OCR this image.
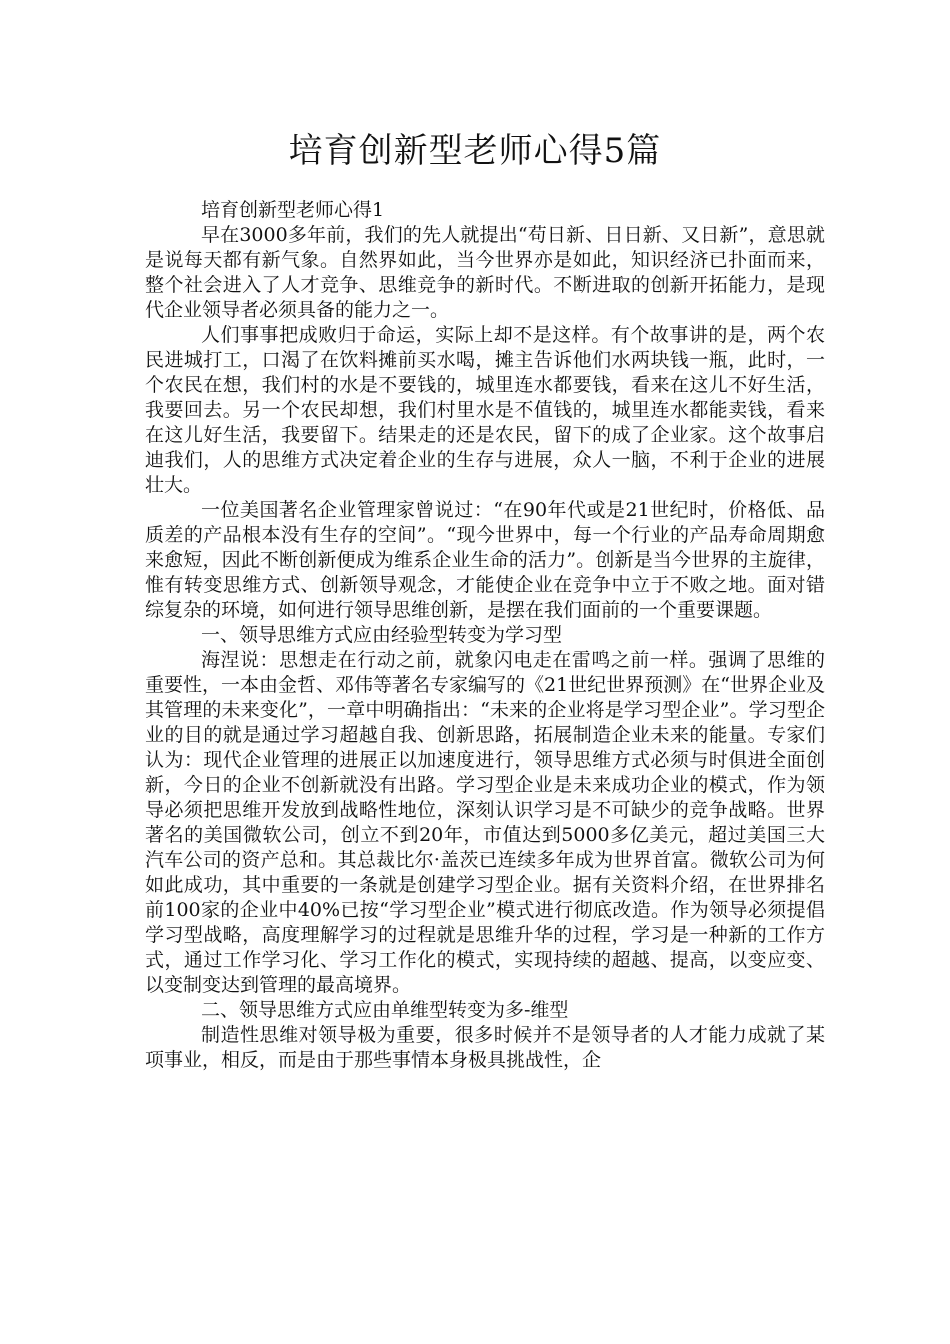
培育创新型老师心得5篇

培育创新型老师心得1

早在3000多年前，我们的先人就提出“苟日新、日日新、又日新”，意思就是说每天都有新气象。自然界如此，当今世界亦是如此，知识经济已扑面而来，整个社会进入了人才竞争、思维竞争的新时代。不断进取的创新开拓能力，是现代企业领导者必须具备的能力之一。

人们事事把成败归于命运，实际上却不是这样。有个故事讲的是，两个农民进城打工，口渴了在饮料摊前买水喝，摊主告诉他们水两块钱一瓶，此时，一个农民在想，我们村的水是不要钱的，城里连水都要钱，看来在这儿不好生活，我要回去。另一个农民却想，我们村里水是不值钱的，城里连水都能卖钱，看来在这儿好生活，我要留下。结果走的还是农民，留下的成了企业家。这个故事启迪我们，人的思维方式决定着企业的生存与进展，众人一脑，不利于企业的进展壮大。

一位美国著名企业管理家曾说过：“在90年代或是21世纪时，价格低、品质差的产品根本没有生存的空间”。“现今世界中，每一个行业的产品寿命周期愈来愈短，因此不断创新便成为维系企业生命的活力”。创新是当今世界的主旋律，惟有转变思维方式、创新领导观念，才能使企业在竞争中立于不败之地。面对错综复杂的环境，如何进行领导思维创新，是摆在我们面前的一个重要课题。

一、领导思维方式应由经验型转变为学习型

海涅说：思想走在行动之前，就象闪电走在雷鸣之前一样。强调了思维的重要性，一本由金哲、邓伟等著名专家编写的《21世纪世界预测》在“世界企业及其管理的未来变化”，一章中明确指出：“未来的企业将是学习型企业”。学习型企业的目的就是通过学习超越自我、创新思路，拓展制造企业未来的能量。专家们认为：现代企业管理的进展正以加速度进行，领导思维方式必须与时俱进全面创新，今日的企业不创新就没有出路。学习型企业是未来成功企业的模式，作为领导必须把思维开发放到战略性地位，深刻认识学习是不可缺少的竞争战略。世界著名的美国微软公司，创立不到20年，市值达到5000多亿美元，超过美国三大汽车公司的资产总和。其总裁比尔·盖茨已连续多年成为世界首富。微软公司为何如此成功，其中重要的一条就是创建学习型企业。据有关资料介绍，在世界排名前100家的企业中40%已按“学习型企业”模式进行彻底改造。作为领导必须提倡学习型战略，高度理解学习的过程就是思维升华的过程，学习是一种新的工作方式，通过工作学习化、学习工作化的模式，实现持续的超越、提高，以变应变、以变制变达到管理的最高境界。

二、领导思维方式应由单维型转变为多-维型

制造性思维对领导极为重要，很多时候并不是领导者的人才能力成就了某项事业，相反，而是由于那些事情本身极具挑战性，企
